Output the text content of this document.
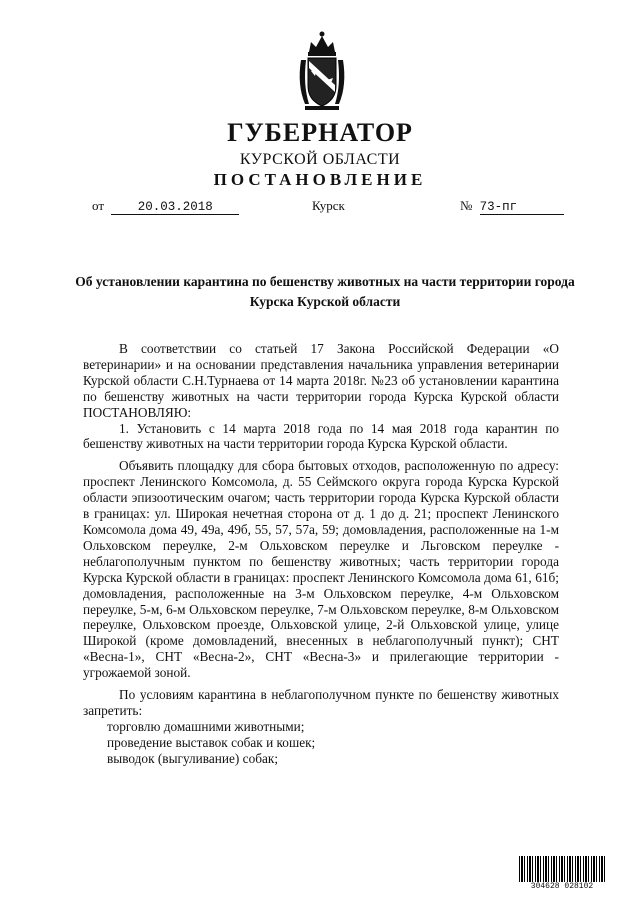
ГУБЕРНАТОР
КУРСКОЙ ОБЛАСТИ
ПОСТАНОВЛЕНИЕ
от	20.03.2018	Курск	№ 73-пг
Об установлении карантина по бешенству животных на части территории города Курска Курской области

В соответствии со статьей 17 Закона Российской Федерации «О ветеринарии» и на основании представления начальника управления ветеринарии Курской области С.Н.Турнаева от 14 марта 2018г. №23 об установлении карантина по бешенству животных на части территории города Курска Курской области ПОСТАНОВЛЯЮ:

1. Установить с 14 марта 2018 года по 14 мая 2018 года карантин по бешенству животных на части территории города Курска Курской области.

Объявить площадку для сбора бытовых отходов, расположенную по адресу: проспект Ленинского Комсомола, д. 55 Сеймского округа города Курска Курской области эпизоотическим очагом; часть территории города Курска Курской области в границах: ул. Широкая нечетная сторона от д. 1 до д. 21; проспект Ленинского Комсомола дома 49, 49а, 49б, 55, 57, 57а, 59; домовладения, расположенные на 1-м Ольховском переулке, 2-м Ольховском переулке и Льговском переулке - неблагополучным пунктом по бешенству животных; часть территории города Курска Курской области в границах: проспект Ленинского Комсомола дома 61, 61б; домовладения, расположенные на 3-м Ольховском переулке, 4-м Ольховском переулке, 5-м, 6-м Ольховском переулке, 7-м Ольховском переулке, 8-м Ольховском переулке, Ольховском проезде, Ольховской улице, 2-й Ольховской улице, улице Широкой (кроме домовладений, внесенных в неблагополучный пункт); СНТ «Весна-1», СНТ «Весна-2», СНТ «Весна-3» и прилегающие территории - угрожаемой зоной.

По условиям карантина в неблагополучном пункте по бешенству животных запретить:

торговлю домашними животными;

проведение выставок собак и кошек;

выводок (выгуливание) собак;

304628 028102
